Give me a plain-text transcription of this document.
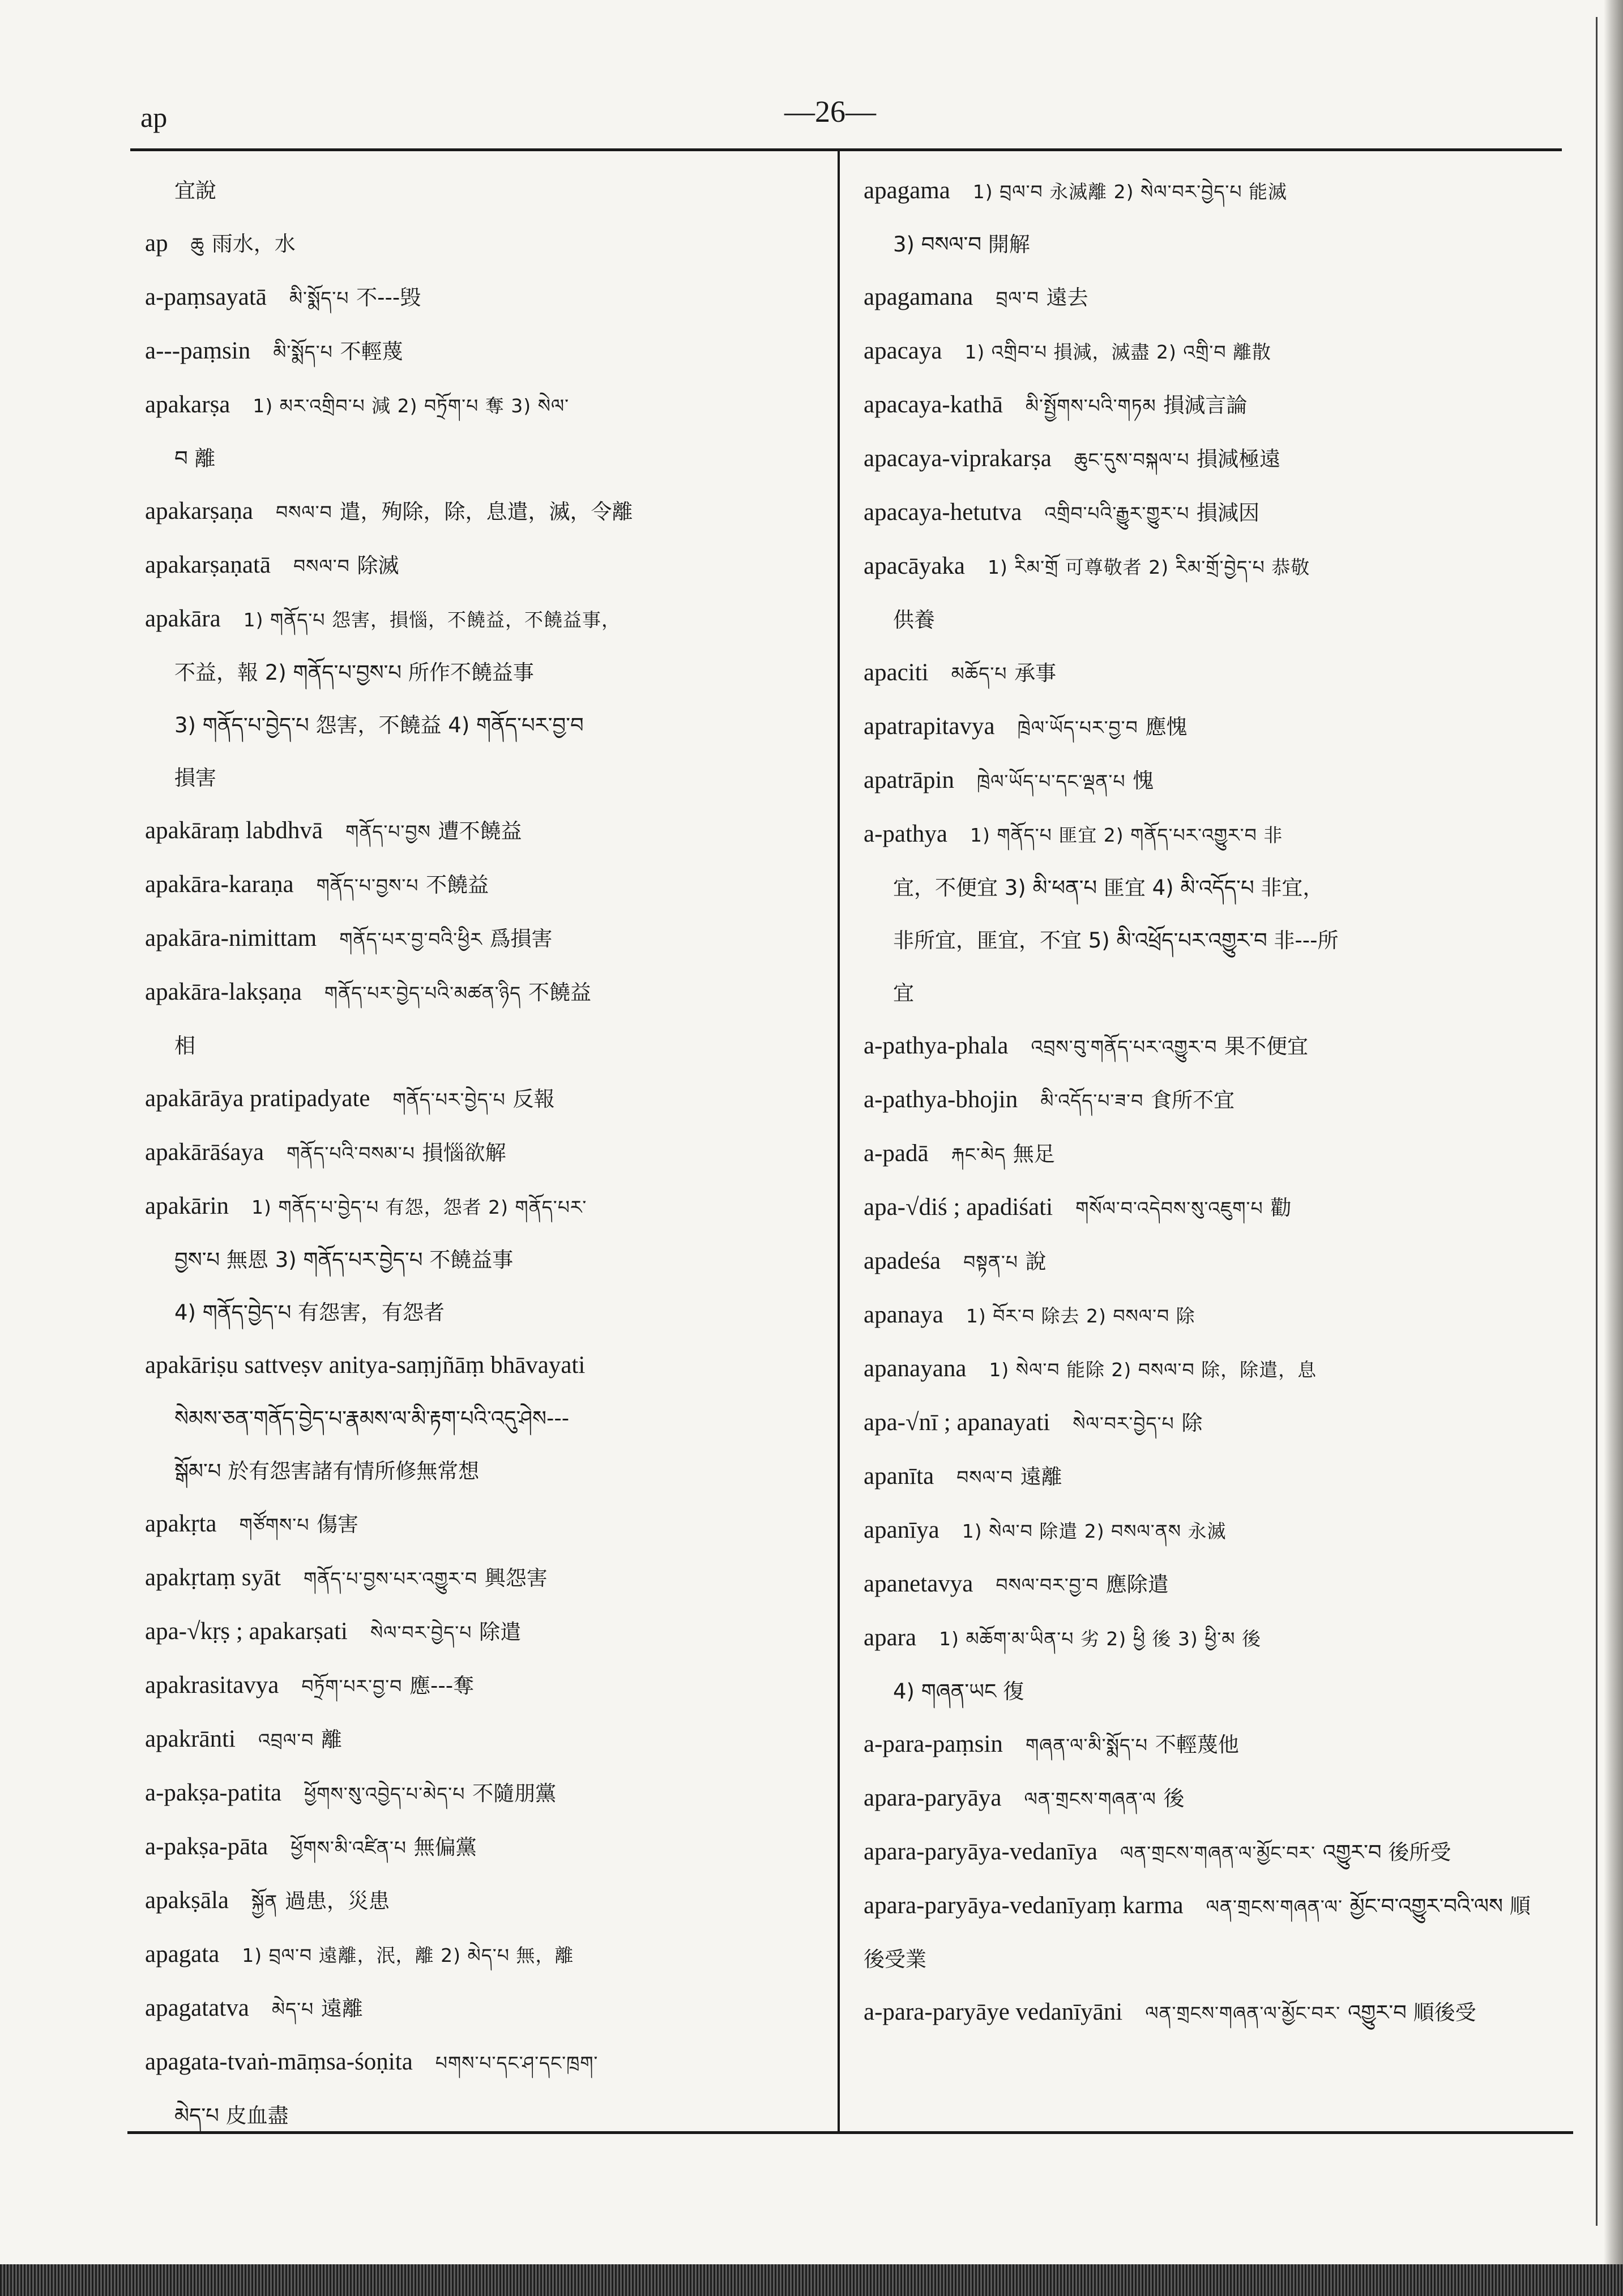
ap	—26—
宜說
ap  ཆུ 雨水，水
a-paṃsayatā  མི་སྨོད་པ 不---毁
a---paṃsin  མི་སྨོད་པ 不輕蔑
apakarṣa  1) མར་འགྲིབ་པ 減 2) བཏྲོག་པ 奪 3) སེལ་
བ 離
apakarṣaṇa  བསལ་བ 遣，殉除，除，息遣，滅，令離
apakarṣaṇatā  བསལ་བ 除滅
apakāra  1) གནོད་པ 怨害，損惱，不饒益，不饒益事，
不益，報 2) གནོད་པ་བྱས་པ 所作不饒益事
3) གནོད་པ་བྱེད་པ 怨害，不饒益 4) གནོད་པར་བྱ་བ
損害
apakāraṃ labdhvā  གནོད་པ་བྱས 遭不饒益
apakāra-karaṇa  གནོད་པ་བྱས་པ 不饒益
apakāra-nimittam  གནོད་པར་བྱ་བའི་ཕྱིར 爲損害
apakāra-lakṣaṇa  གནོད་པར་བྱེད་པའི་མཚན་ཉིད 不饒益
相
apakārāya pratipadyate  གནོད་པར་བྱེད་པ 反報
apakārāśaya  གནོད་པའི་བསམ་པ 損惱欲解
apakārin  1) གནོད་པ་བྱེད་པ 有怨，怨者 2) གནོད་པར་
བྱས་པ 無恩 3) གནོད་པར་བྱེད་པ 不饒益事
4) གནོད་བྱེད་པ 有怨害，有怨者
apakāriṣu sattveṣv anitya-saṃjñāṃ bhāvayati 
སེམས་ཅན་གནོད་བྱེད་པ་རྣམས་ལ་མི་རྟག་པའི་འདུ་ཤེས---
སྒོམ་པ 於有怨害諸有情所修無常想
apakṛta  གཙོགས་པ 傷害
apakṛtaṃ syāt  གནོད་པ་བྱས་པར་འགྱུར་བ 興怨害
apa-√kṛṣ ; apakarṣati  སེལ་བར་བྱེད་པ 除遣
apakrasitavya  བཏྲོག་པར་བྱ་བ 應---奪
apakrānti  འབྲལ་བ 離
a-pakṣa-patita  ཕྱོགས་སུ་འབྱེད་པ་མེད་པ 不隨朋黨
a-pakṣa-pāta  ཕྱོགས་མི་འཛིན་པ 無偏黨
apakṣāla  སྐྱོན 過患，災患
apagata  1) བྲལ་བ 遠離，泯，離 2) མེད་པ 無，離
apagatatva  མེད་པ 遠離
apagata-tvaṅ-māṃsa-śoṇita  པགས་པ་དང་ཤ་དང་ཁྲག་
མེད་པ 皮血盡
apagama  1) བྲལ་བ 永滅離 2) སེལ་བར་བྱེད་པ 能滅
3) བསལ་བ 開解
apagamana  བྲལ་བ 遠去
apacaya  1) འགྲིབ་པ 損減，滅盡 2) འགྲི་བ 離散
apacaya-kathā  མི་སྤྱོགས་པའི་གཏམ 損減言論
apacaya-viprakarṣa  ཆུང་དུས་བསྐལ་པ 損減極遠
apacaya-hetutva  འགྲིབ་པའི་རྒྱུར་གྱུར་པ 損減因
apacāyaka  1) རིམ་གྲོ 可尊敬者 2) རིམ་གྲོ་བྱེད་པ 恭敬
供養
apaciti  མཆོད་པ 承事
apatrapitavya  ཁྲེལ་ཡོད་པར་བྱ་བ 應愧
apatrāpin  ཁྲེལ་ཡོད་པ་དང་ལྡན་པ 愧
a-pathya  1) གནོད་པ 匪宜 2) གནོད་པར་འགྱུར་བ 非
宜，不便宜 3) མི་ཕན་པ 匪宜 4) མི་འདོད་པ 非宜，
非所宜，匪宜，不宜 5) མི་འཕྲོད་པར་འགྱུར་བ 非---所
宜
a-pathya-phala  འབྲས་བུ་གནོད་པར་འགྱུར་བ 果不便宜
a-pathya-bhojin  མི་འདོད་པ་ཟ་བ 食所不宜
a-padā  རྐང་མེད 無足
apa-√diś ; apadiśati  གསོལ་བ་འདེབས་སུ་འཇུག་པ 勸
apadeśa  བསྟན་པ 說
apanaya  1) བོར་བ 除去 2) བསལ་བ 除
apanayana  1) སེལ་བ 能除 2) བསལ་བ 除，除遣，息
apa-√nī ; apanayati  སེལ་བར་བྱེད་པ 除
apanīta  བསལ་བ 遠離
apanīya  1) སེལ་བ 除遣 2) བསལ་ནས 永滅
apanetavya  བསལ་བར་བྱ་བ 應除遣
apara  1) མཆོག་མ་ཡིན་པ 劣 2) ཕྱི 後 3) ཕྱི་མ 後
4) གཞན་ཡང 復
a-para-paṃsin  གཞན་ལ་མི་སྨོད་པ 不輕蔑他
apara-paryāya  ལན་གྲངས་གཞན་ལ 後
apara-paryāya-vedanīya  ལན་གྲངས་གཞན་ལ་མྱོང་བར་ འགྱུར་བ 後所受
apara-paryāya-vedanīyaṃ karma  ལན་གྲངས་གཞན་ལ་ མྱོང་བ་འགྱུར་བའི་ལས 順後受業
a-para-paryāye vedanīyāni  ལན་གྲངས་གཞན་ལ་མྱོང་བར་ འགྱུར་བ 順後受
